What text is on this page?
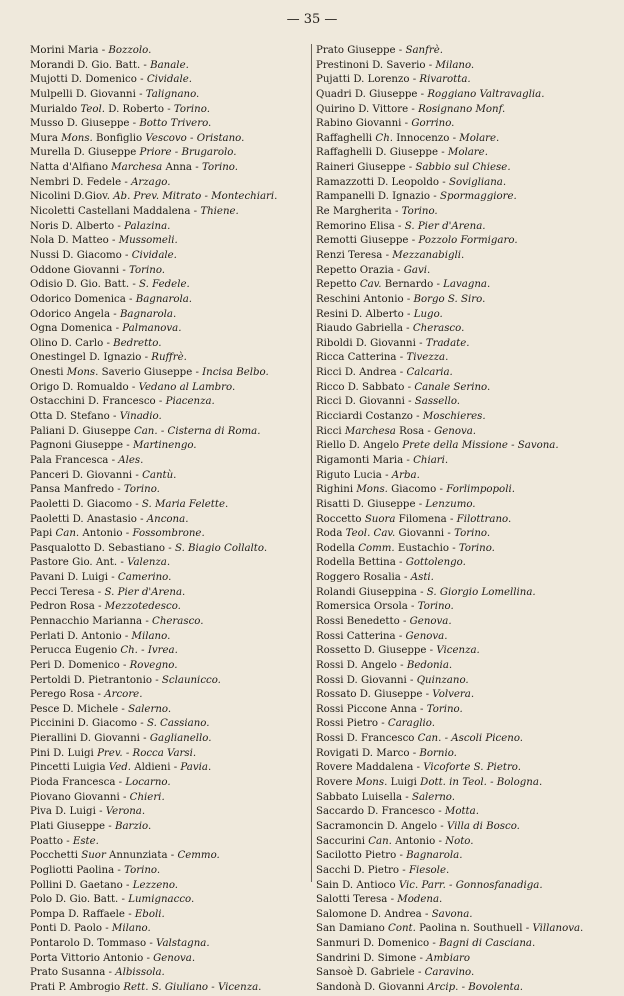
— 35 —
Morini Maria - Bozzolo.
Morandi D. Gio. Batt. - Banale.
Mujotti D. Domenico - Cividale.
Mulpelli D. Giovanni - Talignano.
Murialdo Teol. D. Roberto - Torino.
Musso D. Giuseppe - Botto Trivero.
Mura Mons. Bonfiglio Vescovo - Oristano.
Murella D. Giuseppe Priore - Brugarolo.
Natta d'Alfiano Marchesa Anna - Torino.
Nembri D. Fedele - Arzago.
Nicolini D.Giov. Ab. Prev. Mitrato - Montechiari.
Nicoletti Castellani Maddalena - Thiene.
Noris D. Alberto - Palazina.
Nola D. Matteo - Mussomeli.
Nussi D. Giacomo - Cividale.
Oddone Giovanni - Torino.
Odisio D. Gio. Batt. - S. Fedele.
Odorico Domenica - Bagnarola.
Odorico Angela - Bagnarola.
Ogna Domenica - Palmanova.
Olino D. Carlo - Bedretto.
Onestingel D. Ignazio - Ruffrè.
Onesti Mons. Saverio Giuseppe - Incisa Belbo.
Origo D. Romualdo - Vedano al Lambro.
Ostacchini D. Francesco - Piacenza.
Otta D. Stefano - Vinadio.
Paliani D. Giuseppe Can. - Cisterna di Roma.
Pagnoni Giuseppe - Martinengo.
Pala Francesca - Ales.
Panceri D. Giovanni - Cantù.
Pansa Manfredo - Torino.
Paoletti D. Giacomo - S. Maria Felette.
Paoletti D. Anastasio - Ancona.
Papi Can. Antonio - Fossombrone.
Pasqualotto D. Sebastiano - S. Biagio Collalto.
Pastore Gio. Ant. - Valenza.
Pavani D. Luigi - Camerino.
Pecci Teresa - S. Pier d'Arena.
Pedron Rosa - Mezzotedesco.
Pennacchio Marianna - Cherasco.
Perlati D. Antonio - Milano.
Perucca Eugenio Ch. - Ivrea.
Peri D. Domenico - Rovegno.
Pertoldi D. Pietrantonio - Sclaunicco.
Perego Rosa - Arcore.
Pesce D. Michele - Salerno.
Piccinini D. Giacomo - S. Cassiano.
Pierallini D. Giovanni - Gaglianello.
Pini D. Luigi Prev. - Rocca Varsi.
Pincetti Luigia Ved. Aldieni - Pavia.
Pioda Francesca - Locarno.
Piovano Giovanni - Chieri.
Piva D. Luigi - Verona.
Plati Giuseppe - Barzio.
Poatto - Este.
Pocchetti Suor Annunziata - Cemmo.
Pogliotti Paolina - Torino.
Pollini D. Gaetano - Lezzeno.
Polo D. Gio. Batt. - Lumignacco.
Pompa D. Raffaele - Eboli.
Ponti D. Paolo - Milano.
Pontarolo D. Tommaso - Valstagna.
Porta Vittorio Antonio - Genova.
Prato Susanna - Albissola.
Prati P. Ambrogio Rett. S. Giuliano - Vicenza.
Prato Giuseppe - Sanfrè.
Prestinoni D. Saverio - Milano.
Pujatti D. Lorenzo - Rivarotta.
Quadri D. Giuseppe - Roggiano Valtravaglia.
Quirino D. Vittore - Rosignano Monf.
Rabino Giovanni - Gorrino.
Raffaghelli Ch. Innocenzo - Molare.
Raffaghelli D. Giuseppe - Molare.
Raineri Giuseppe - Sabbio sul Chiese.
Ramazzotti D. Leopoldo - Sovigliana.
Rampanelli D. Ignazio - Spormaggiore.
Re Margherita - Torino.
Remorino Elisa - S. Pier d'Arena.
Remotti Giuseppe - Pozzolo Formigaro.
Renzi Teresa - Mezzanabigli.
Repetto Orazia - Gavi.
Repetto Cav. Bernardo - Lavagna.
Reschini Antonio - Borgo S. Siro.
Resini D. Alberto - Lugo.
Riaudo Gabriella - Cherasco.
Riboldi D. Giovanni - Tradate.
Ricca Catterina - Tivezza.
Ricci D. Andrea - Calcaria.
Ricco D. Sabbato - Canale Serino.
Ricci D. Giovanni - Sassello.
Ricciardi Costanzo - Moschieres.
Ricci Marchesa Rosa - Genova.
Riello D. Angelo Prete della Missione - Savona.
Rigamonti Maria - Chiari.
Riguto Lucia - Arba.
Righini Mons. Giacomo - Forlimpopoli.
Risatti D. Giuseppe - Lenzumo.
Roccetto Suora Filomena - Filottrano.
Roda Teol. Cav. Giovanni - Torino.
Rodella Comm. Eustachio - Torino.
Rodella Bettina - Gottolengo.
Roggero Rosalia - Asti.
Rolandi Giuseppina - S. Giorgio Lomellina.
Romersica Orsola - Torino.
Rossi Benedetto - Genova.
Rossi Catterina - Genova.
Rossetto D. Giuseppe - Vicenza.
Rossi D. Angelo - Bedonia.
Rossi D. Giovanni - Quinzano.
Rossato D. Giuseppe - Volvera.
Rossi Piccone Anna - Torino.
Rossi Pietro - Caraglio.
Rossi D. Francesco Can. - Ascoli Piceno.
Rovigati D. Marco - Bornio.
Rovere Maddalena - Vicoforte S. Pietro.
Rovere Mons. Luigi Dott. in Teol. - Bologna.
Sabbato Luisella - Salerno.
Saccardo D. Francesco - Motta.
Sacramoncin D. Angelo - Villa di Bosco.
Saccurini Can. Antonio - Noto.
Sacilotto Pietro - Bagnarola.
Sacchi D. Pietro - Fiesole.
Sain D. Antioco Vic. Parr. - Gonnosfanadiga.
Salotti Teresa - Modena.
Salomone D. Andrea - Savona.
San Damiano Cont. Paolina n. Southuell - Villanova.
Sanmuri D. Domenico - Bagni di Casciana.
Sandrini D. Simone - Ambiaro
Sansoè D. Gabriele - Caravino.
Sandonà D. Giovanni Arcip. - Bovolenta.
